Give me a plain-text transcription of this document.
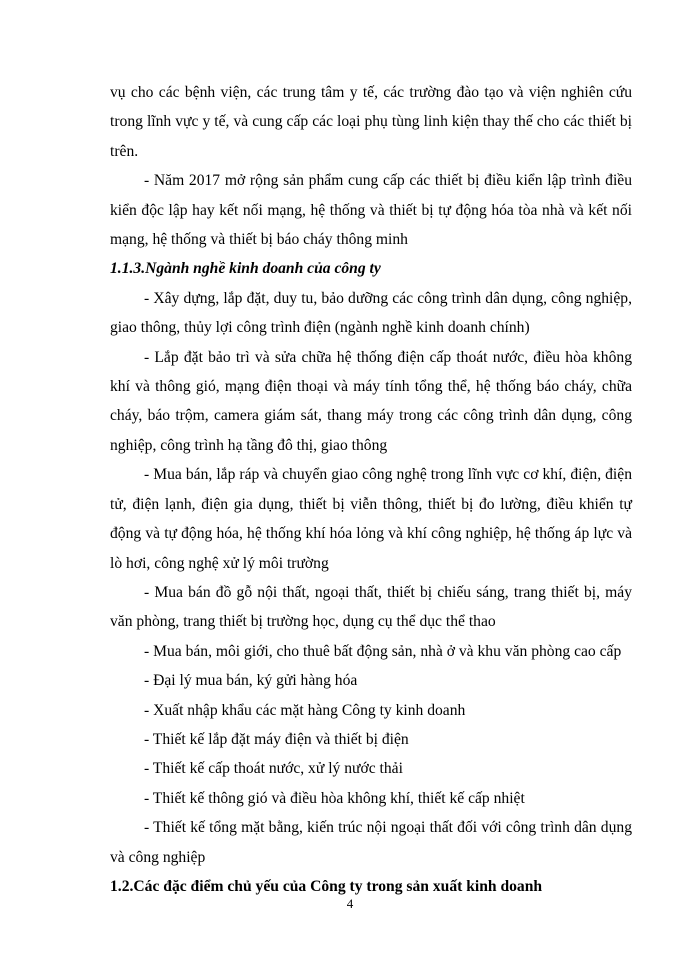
vụ cho các bệnh viện, các trung tâm y tế, các trường đào tạo và viện nghiên cứu trong lĩnh vực y tế, và cung cấp các loại phụ tùng linh kiện thay thế cho các thiết bị trên.

- Năm 2017 mở rộng sản phẩm cung cấp các thiết bị điều kiển lập trình điều kiển độc lập hay kết nối mạng, hệ thống và thiết bị tự động hóa tòa nhà và kết nối mạng, hệ thống và thiết bị báo cháy thông minh

1.1.3.Ngành nghề kinh doanh của công ty

- Xây dựng, lắp đặt, duy tu, bảo dưỡng các công trình dân dụng, công nghiệp, giao thông, thủy lợi công trình điện (ngành nghề kinh doanh chính)

- Lắp đặt bảo trì và sửa chữa hệ thống điện cấp thoát nước, điều hòa không khí và thông gió, mạng điện thoại và máy tính tổng thể, hệ thống báo cháy, chữa cháy, báo trộm, camera giám sát, thang máy trong các công trình dân dụng, công nghiệp, công trình hạ tầng đô thị, giao thông

- Mua bán, lắp ráp và chuyển giao công nghệ trong lĩnh vực cơ khí, điện, điện tử, điện lạnh, điện gia dụng, thiết bị viễn thông, thiết bị đo lường, điều khiển tự động và tự động hóa, hệ thống khí hóa lỏng và khí công nghiệp, hệ thống áp lực và lò hơi, công nghệ xử lý môi trường

- Mua bán đồ gỗ nội thất, ngoại thất, thiết bị chiếu sáng, trang thiết bị, máy văn phòng, trang thiết bị trường học, dụng cụ thể dục thể thao

- Mua bán, môi giới, cho thuê bất động sản, nhà ở và khu văn phòng cao cấp

- Đại lý mua bán, ký gửi hàng hóa

- Xuất nhập khẩu các mặt hàng Công ty kinh doanh

- Thiết kế lắp đặt máy điện và thiết bị điện

- Thiết kế cấp thoát nước, xử lý nước thải

- Thiết kế thông gió và điều hòa không khí, thiết kế cấp nhiệt

- Thiết kế tổng mặt bằng, kiến trúc nội ngoại thất đối với công trình dân dụng và công nghiệp

1.2.Các đặc điểm chủ yếu của Công ty trong sản xuất kinh doanh

4
